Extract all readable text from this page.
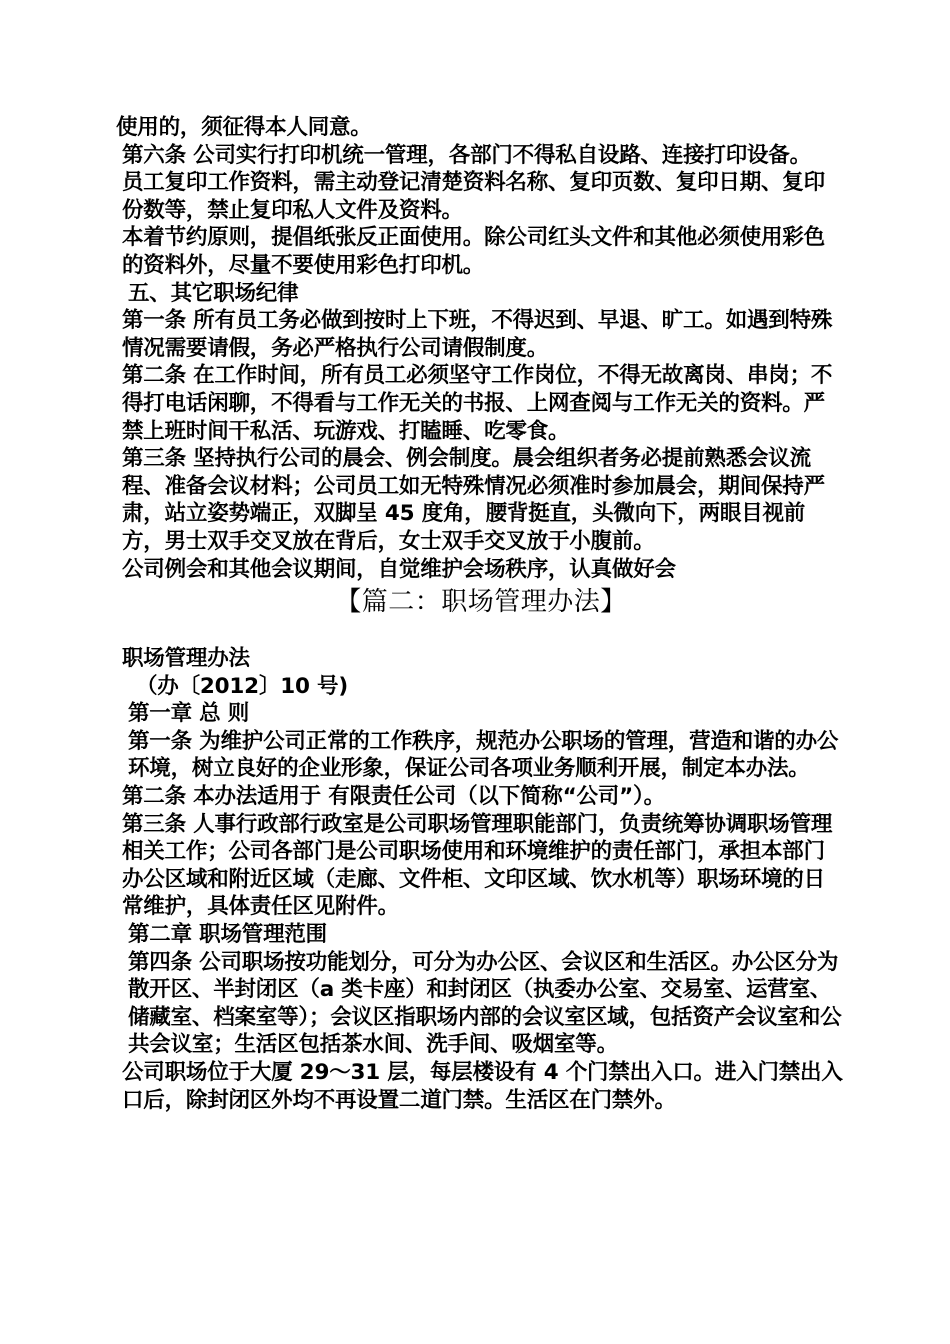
使用的，须征得本人同意。

第六条 公司实行打印机统一管理，各部门不得私自设路、连接打印设备。

员工复印工作资料，需主动登记清楚资料名称、复印页数、复印日期、复印份数等，禁止复印私人文件及资料。

本着节约原则，提倡纸张反正面使用。除公司红头文件和其他必须使用彩色的资料外，尽量不要使用彩色打印机。

五、其它职场纪律

第一条 所有员工务必做到按时上下班，不得迟到、早退、旷工。如遇到特殊情况需要请假，务必严格执行公司请假制度。

第二条 在工作时间，所有员工必须坚守工作岗位，不得无故离岗、串岗；不得打电话闲聊，不得看与工作无关的书报、上网查阅与工作无关的资料。严禁上班时间干私活、玩游戏、打瞌睡、吃零食。

第三条 坚持执行公司的晨会、例会制度。晨会组织者务必提前熟悉会议流程、准备会议材料；公司员工如无特殊情况必须准时参加晨会，期间保持严肃，站立姿势端正，双脚呈 45 度角，腰背挺直，头微向下，两眼目视前方，男士双手交叉放在背后，女士双手交叉放于小腹前。

公司例会和其他会议期间，自觉维护会场秩序，认真做好会

【篇二：职场管理办法】

职场管理办法

（办〔2012〕10 号)

第一章 总 则

第一条 为维护公司正常的工作秩序，规范办公职场的管理，营造和谐的办公环境，树立良好的企业形象，保证公司各项业务顺利开展，制定本办法。

第二条 本办法适用于 有限责任公司（以下简称“公司”）。

第三条 人事行政部行政室是公司职场管理职能部门，负责统筹协调职场管理相关工作；公司各部门是公司职场使用和环境维护的责任部门，承担本部门办公区域和附近区域（走廊、文件柜、文印区域、饮水机等）职场环境的日常维护，具体责任区见附件。

第二章 职场管理范围

第四条 公司职场按功能划分，可分为办公区、会议区和生活区。办公区分为散开区、半封闭区（a 类卡座）和封闭区（执委办公室、交易室、运营室、储藏室、档案室等）；会议区指职场内部的会议室区域，包括资产会议室和公共会议室；生活区包括茶水间、洗手间、吸烟室等。

公司职场位于大厦 29～31 层，每层楼设有 4 个门禁出入口。进入门禁出入口后，除封闭区外均不再设置二道门禁。生活区在门禁外。
